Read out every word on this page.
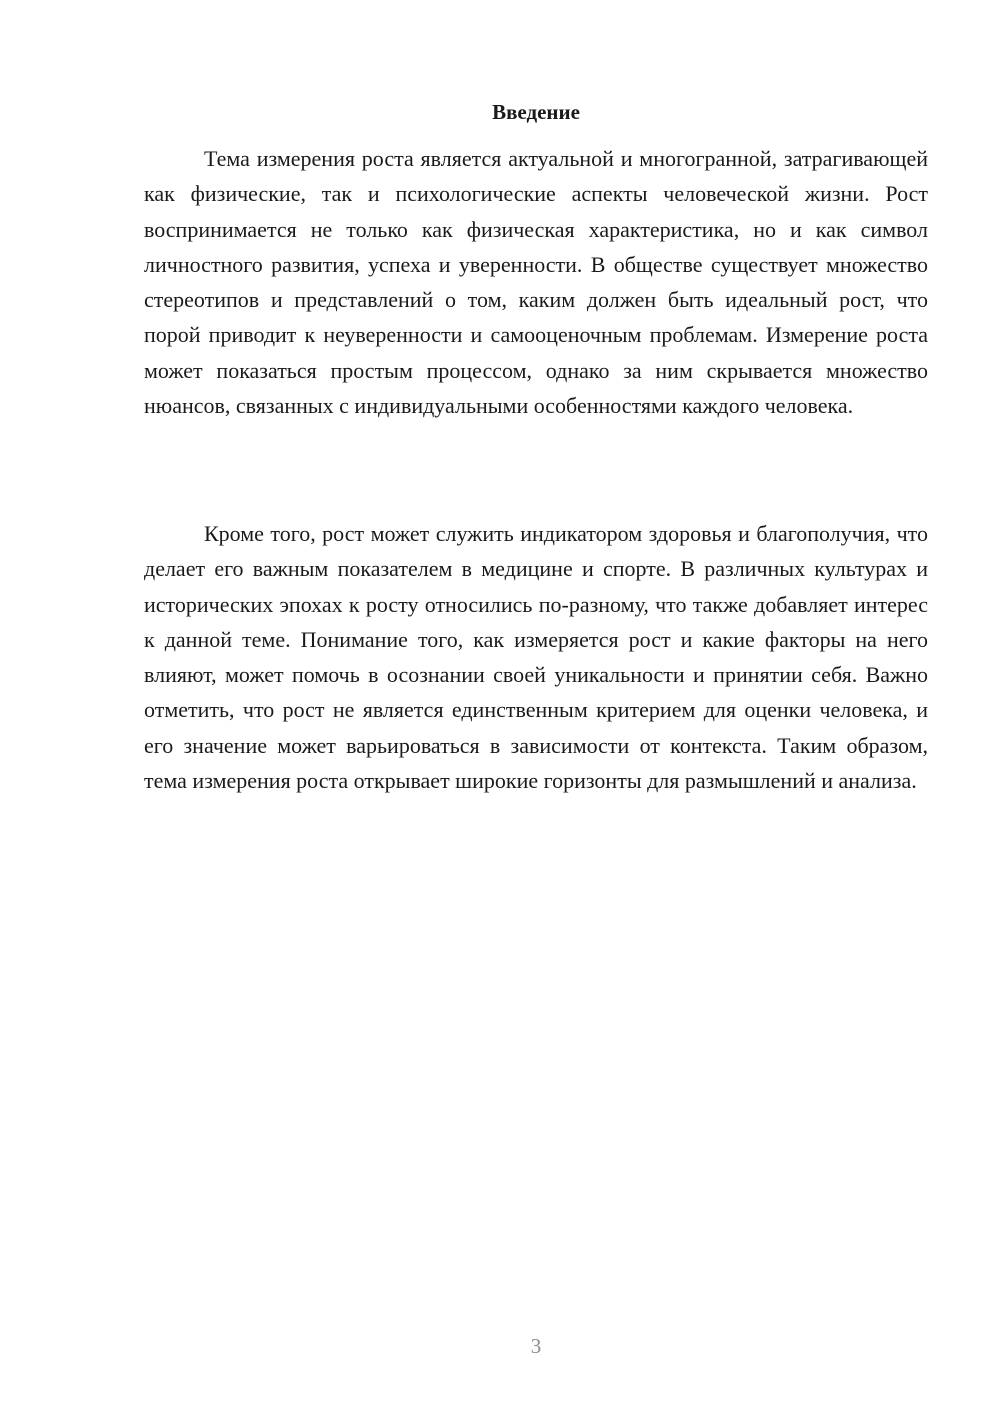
Введение

Тема измерения роста является актуальной и многогранной, затрагивающей как физические, так и психологические аспекты человеческой жизни. Рост воспринимается не только как физическая характеристика, но и как символ личностного развития, успеха и уверенности. В обществе существует множество стереотипов и представлений о том, каким должен быть идеальный рост, что порой приводит к неуверенности и самооценочным проблемам. Измерение роста может показаться простым процессом, однако за ним скрывается множество нюансов, связанных с индивидуальными особенностями каждого человека.

Кроме того, рост может служить индикатором здоровья и благополучия, что делает его важным показателем в медицине и спорте. В различных культурах и исторических эпохах к росту относились по-разному, что также добавляет интерес к данной теме. Понимание того, как измеряется рост и какие факторы на него влияют, может помочь в осознании своей уникальности и принятии себя. Важно отметить, что рост не является единственным критерием для оценки человека, и его значение может варьироваться в зависимости от контекста. Таким образом, тема измерения роста открывает широкие горизонты для размышлений и анализа.

3
